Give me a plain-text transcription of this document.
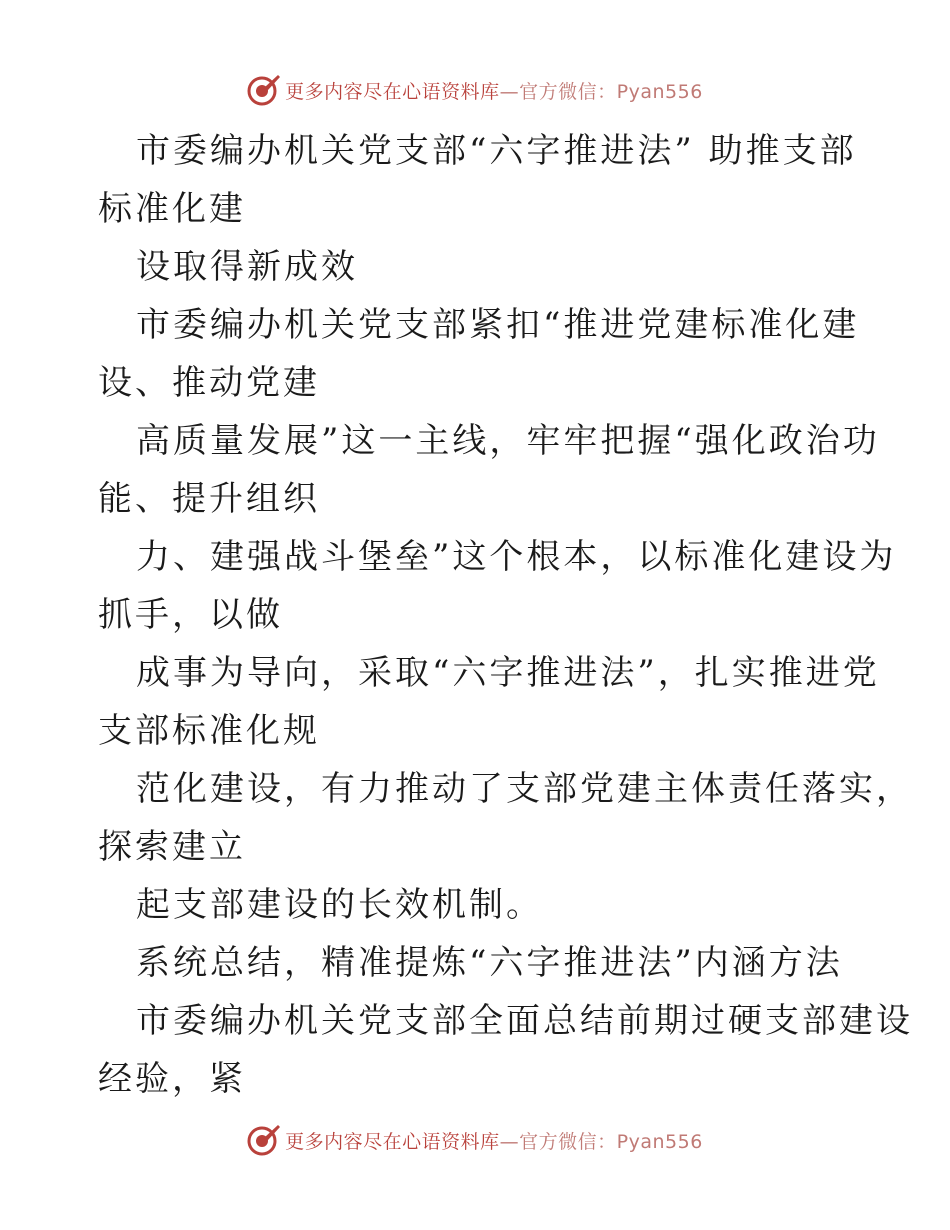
更多内容尽在心语资料库—官方微信：Pyan556
市委编办机关党支部“六字推进法” 助推支部
标准化建
设取得新成效
市委编办机关党支部紧扣“推进党建标准化建
设、推动党建
高质量发展”这一主线，牢牢把握“强化政治功
能、提升组织
力、建强战斗堡垒”这个根本，以标准化建设为
抓手，以做
成事为导向，采取“六字推进法”，扎实推进党
支部标准化规
范化建设，有力推动了支部党建主体责任落实，
探索建立
起支部建设的长效机制。
系统总结，精准提炼“六字推进法”内涵方法
市委编办机关党支部全面总结前期过硬支部建设
经验，紧
更多内容尽在心语资料库—官方微信：Pyan556
